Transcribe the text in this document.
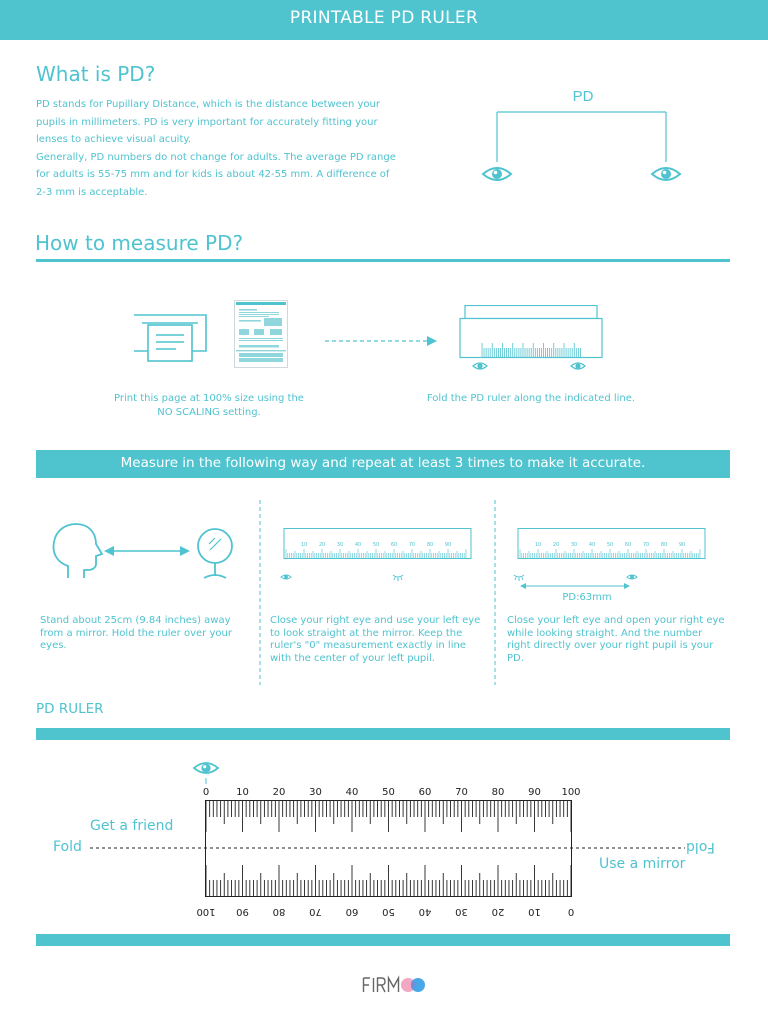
PRINTABLE PD RULER
What is PD?

PD stands for Pupillary Distance, which is the distance between your pupils in millimeters. PD is very important for accurately fitting your lenses to achieve visual acuity.

Generally, PD numbers do not change for adults. The average PD range for adults is 55-75 mm and for kids is about 42-55 mm. A difference of 2-3 mm is acceptable.

PD
How to measure PD?
Print this page at 100% size using the NO SCALING setting.
Fold the PD ruler along the indicated line.
Measure in the following way and repeat at least 3 times to make it accurate.
10 20 30 40 50 60 70 80 90	10 20 30 40 50 60 70 80 90
PD:63mm
Stand about 25cm (9.84 inches) away from a mirror. Hold the ruler over your eyes.
Close your right eye and use your left eye to look straight at the mirror. Keep the ruler's "0" measurement exactly in line with the center of your left pupil.
Close your left eye and open your right eye while looking straight. And the number right directly over your right pupil is your PD.
PD RULER
Get a friend
Fold
Use a mirror
Fold
0	10 20 30 40 50 60 70 80 90 100
100 90 80 70 60 50 40 30 20 10	0
